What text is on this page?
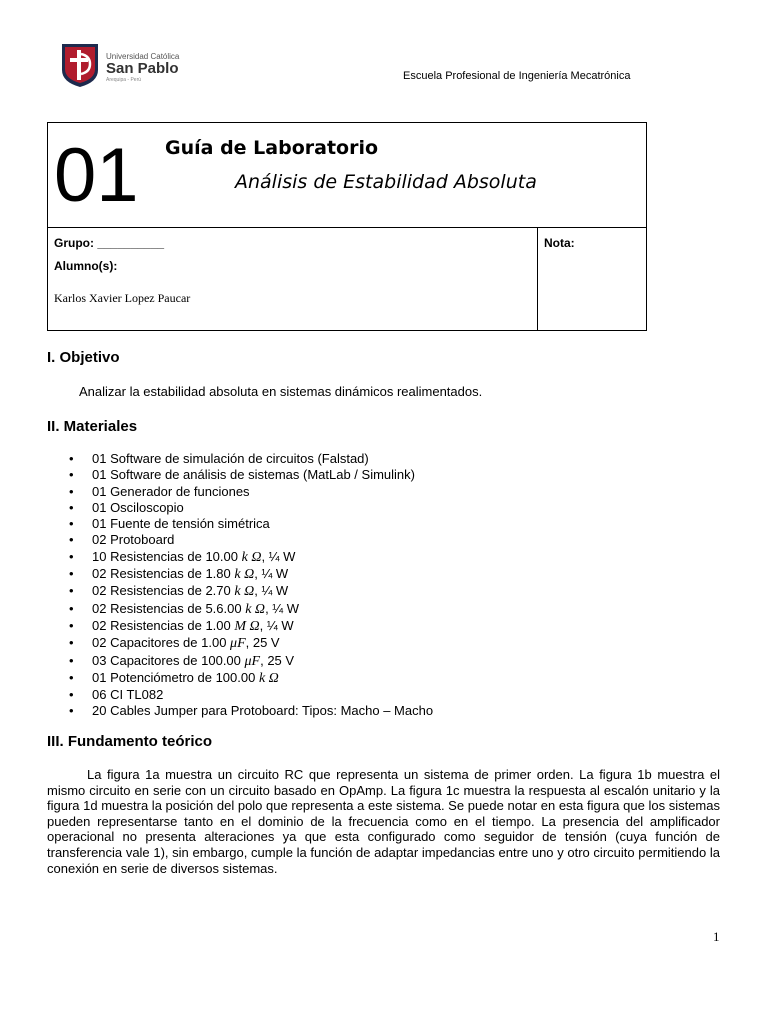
Universidad Católica
San Pablo
Arequipa - Perú	Escuela Profesional de Ingeniería Mecatrónica
01 Guía de Laboratorio
Análisis de Estabilidad Absoluta
Grupo: __________
Alumno(s):
Karlos Xavier Lopez Paucar
Nota:
I. Objetivo
Analizar la estabilidad absoluta en sistemas dinámicos realimentados.
II. Materiales
• 01 Software de simulación de circuitos (Falstad)
• 01 Software de análisis de sistemas (MatLab / Simulink)
• 01 Generador de funciones
• 01 Osciloscopio
• 01 Fuente de tensión simétrica
• 02 Protoboard
• 10 Resistencias de 10.00 k Ω, ¼ W
• 02 Resistencias de 1.80 k Ω, ¼ W
• 02 Resistencias de 2.70 k Ω, ¼ W
• 02 Resistencias de 5.6.00 k Ω, ¼ W
• 02 Resistencias de 1.00 M Ω, ¼ W
• 02 Capacitores de 1.00 μF, 25 V
• 03 Capacitores de 100.00 μF, 25 V
• 01 Potenciómetro de 100.00 k Ω
• 06 CI TL082
• 20 Cables Jumper para Protoboard: Tipos: Macho – Macho
III. Fundamento teórico
La figura 1a muestra un circuito RC que representa un sistema de primer orden. La figura 1b muestra el mismo circuito en serie con un circuito basado en OpAmp. La figura 1c muestra la respuesta al escalón unitario y la figura 1d muestra la posición del polo que representa a este sistema. Se puede notar en esta figura que los sistemas pueden representarse tanto en el dominio de la frecuencia como en el tiempo. La presencia del amplificador operacional no presenta alteraciones ya que esta configurado como seguidor de tensión (cuya función de transferencia vale 1), sin embargo, cumple la función de adaptar impedancias entre uno y otro circuito permitiendo la conexión en serie de diversos sistemas.
1
